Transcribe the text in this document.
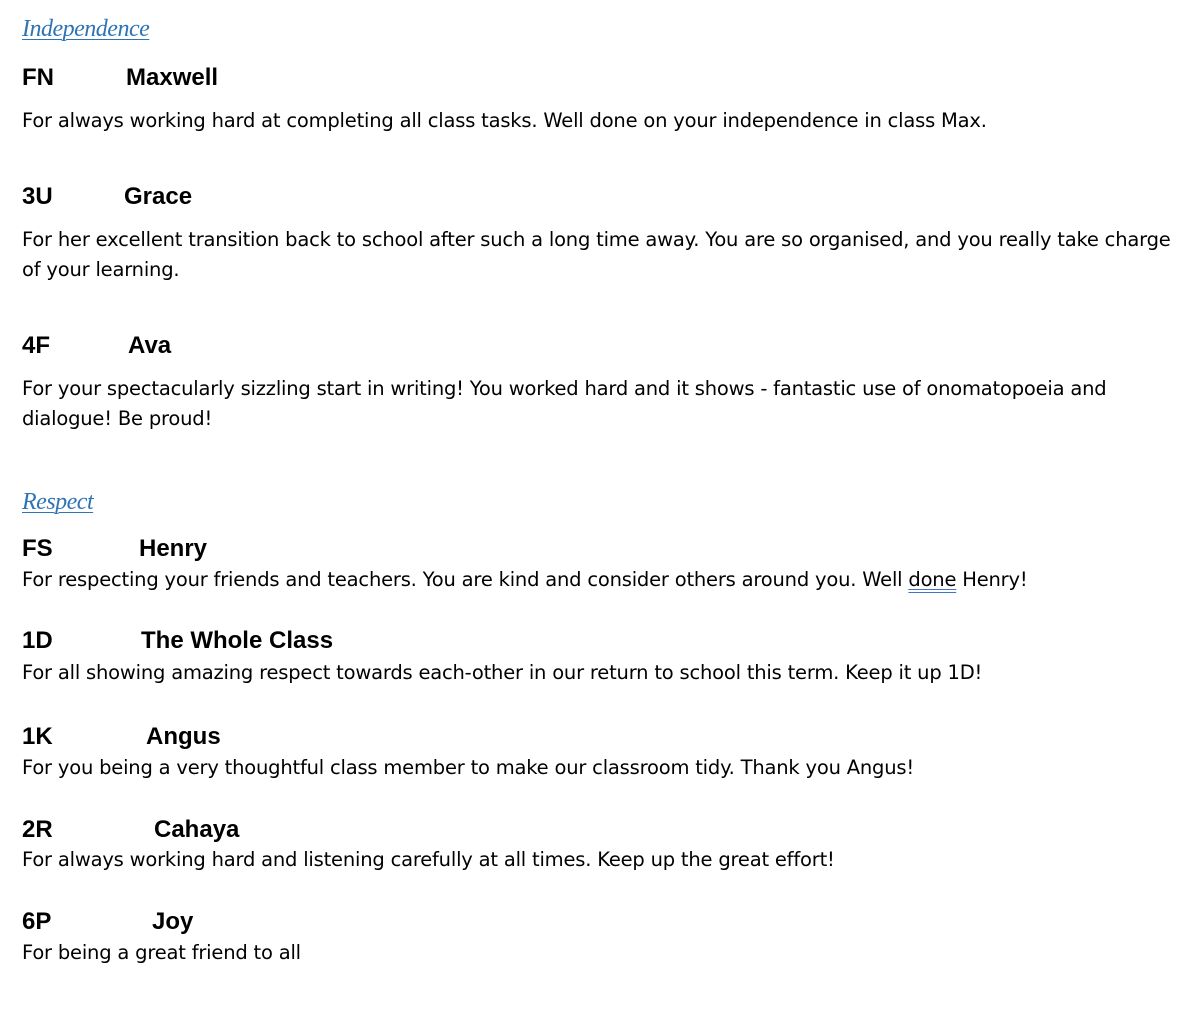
Independence
FN	Maxwell
For always working hard at completing all class tasks. Well done on your independence in class Max.
3U	Grace
For her excellent transition back to school after such a long time away. You are so organised, and you really take charge of your learning.
4F	Ava
For your spectacularly sizzling start in writing! You worked hard and it shows - fantastic use of onomatopoeia and dialogue! Be proud!
Respect
FS	Henry
For respecting your friends and teachers. You are kind and consider others around you. Well done Henry!
1D	The Whole Class
For all showing amazing respect towards each-other in our return to school this term. Keep it up 1D!
1K	Angus
For you being a very thoughtful class member to make our classroom tidy. Thank you Angus!
2R	Cahaya
For always working hard and listening carefully at all times. Keep up the great effort!
6P	Joy
For being a great friend to all
